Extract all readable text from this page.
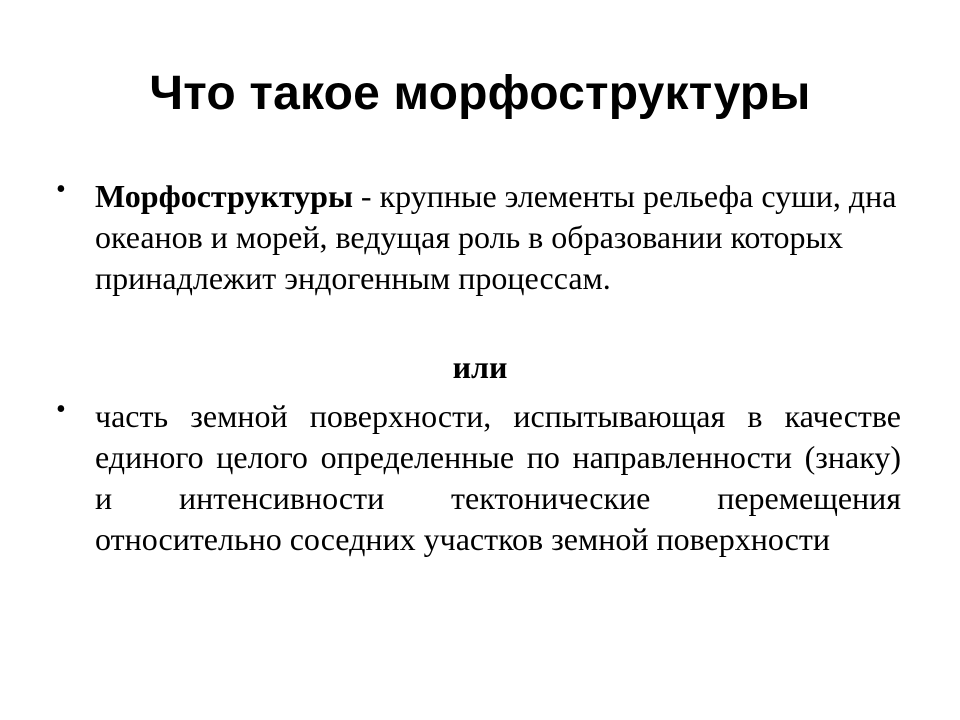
Что такое морфоструктуры
• Морфоструктуры - крупные элементы рельефа суши, дна океанов и морей, ведущая роль в образовании которых принадлежит эндогенным процессам.
или
• часть земной поверхности, испытывающая в качестве единого целого определенные по направленности (знаку) и интенсивности тектонические перемещения относительно соседних участков земной поверхности
